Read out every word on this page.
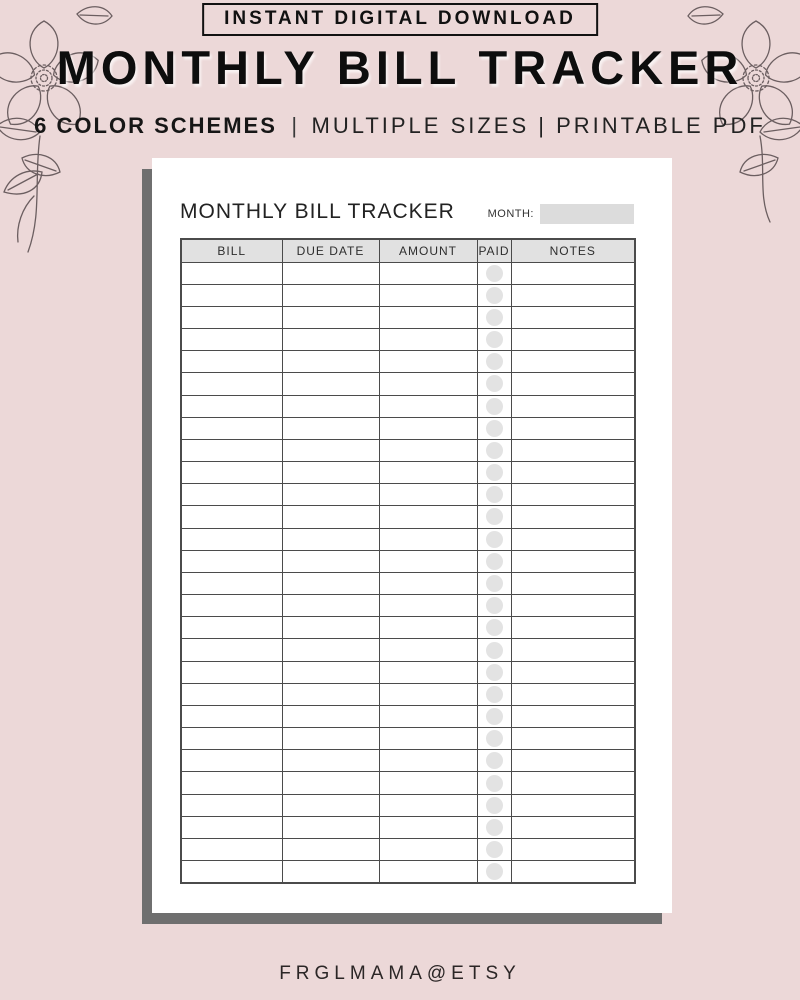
INSTANT DIGITAL DOWNLOAD
MONTHLY BILL TRACKER
6 COLOR SCHEMES | MULTIPLE SIZES | PRINTABLE PDF
MONTHLY BILL TRACKER	MONTH:
BILL	DUE DATE	AMOUNT	PAID	NOTES

FRGLMAMA@ETSY
